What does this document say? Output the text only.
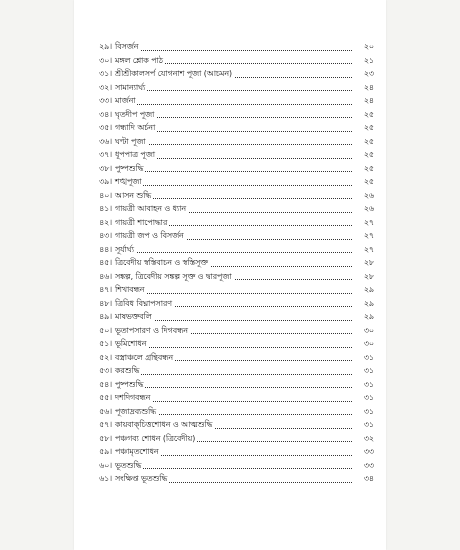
২৯। বিসর্জন	২০
৩০। মঙ্গল শ্লোক পাঠ	২১
৩১। শ্রীশ্রীকালসর্প যোগনাশ পূজা (আচমন)	২৩
৩২। সামান্যার্ঘ্য	২৪
৩৩। মার্জনা	২৪
৩৪। ঘৃতদীপ পূজা	২৫
৩৫। গন্ধাদি অর্চনা	২৫
৩৬। ঘণ্টা পূজা	২৫
৩৭। ধূপপাত্র পূজা	২৫
৩৮। পুষ্পশুদ্ধি	২৫
৩৯। শঙ্খপূজা	২৫
৪০। আসন শুদ্ধি	২৬
৪১। গায়ত্রী আবাহন ও ধ্যান	২৬
৪২। গায়ত্রী শাপোদ্ধার	২৭
৪৩। গায়ত্রী জপ ও বিসর্জন	২৭
৪৪। সূর্যার্ঘ্য	২৭
৪৫। ত্রিবেদীয় স্বস্তিবাচন ও স্বস্তিসূক্ত	২৮
৪৬। সঙ্কল্প, ত্রিবেদীয় সঙ্কল্প সূক্ত ও দ্বারপূজা	২৮
৪৭। শিখাবন্ধন	২৯
৪৮। ত্রিবিধ বিঘ্নাপসারণ	২৯
৪৯। মাষভক্তবলি	২৯
৫০। ভূতাপসারণ ও দিগবন্ধন	৩০
৫১। ভূমিশোধন	৩০
৫২। বস্ত্রাঞ্চলে গ্রন্থিবন্ধন	৩১
৫৩। করশুদ্ধি	৩১
৫৪। পুষ্পশুদ্ধি	৩১
৫৫। দশদিগবন্ধন	৩১
৫৬। পূজাদ্রব্যশুদ্ধি	৩১
৫৭। কায়বাক্‌চিত্তশোধন ও আত্মশুদ্ধি	৩১
৫৮। পঞ্চগব্য শোধন (ত্রিবেদীয়)	৩২
৫৯। পঞ্চামৃতশোধন	৩৩
৬০। ভূতশুদ্ধি	৩৩
৬১। সংক্ষিপ্ত ভূতশুদ্ধি	৩৪
